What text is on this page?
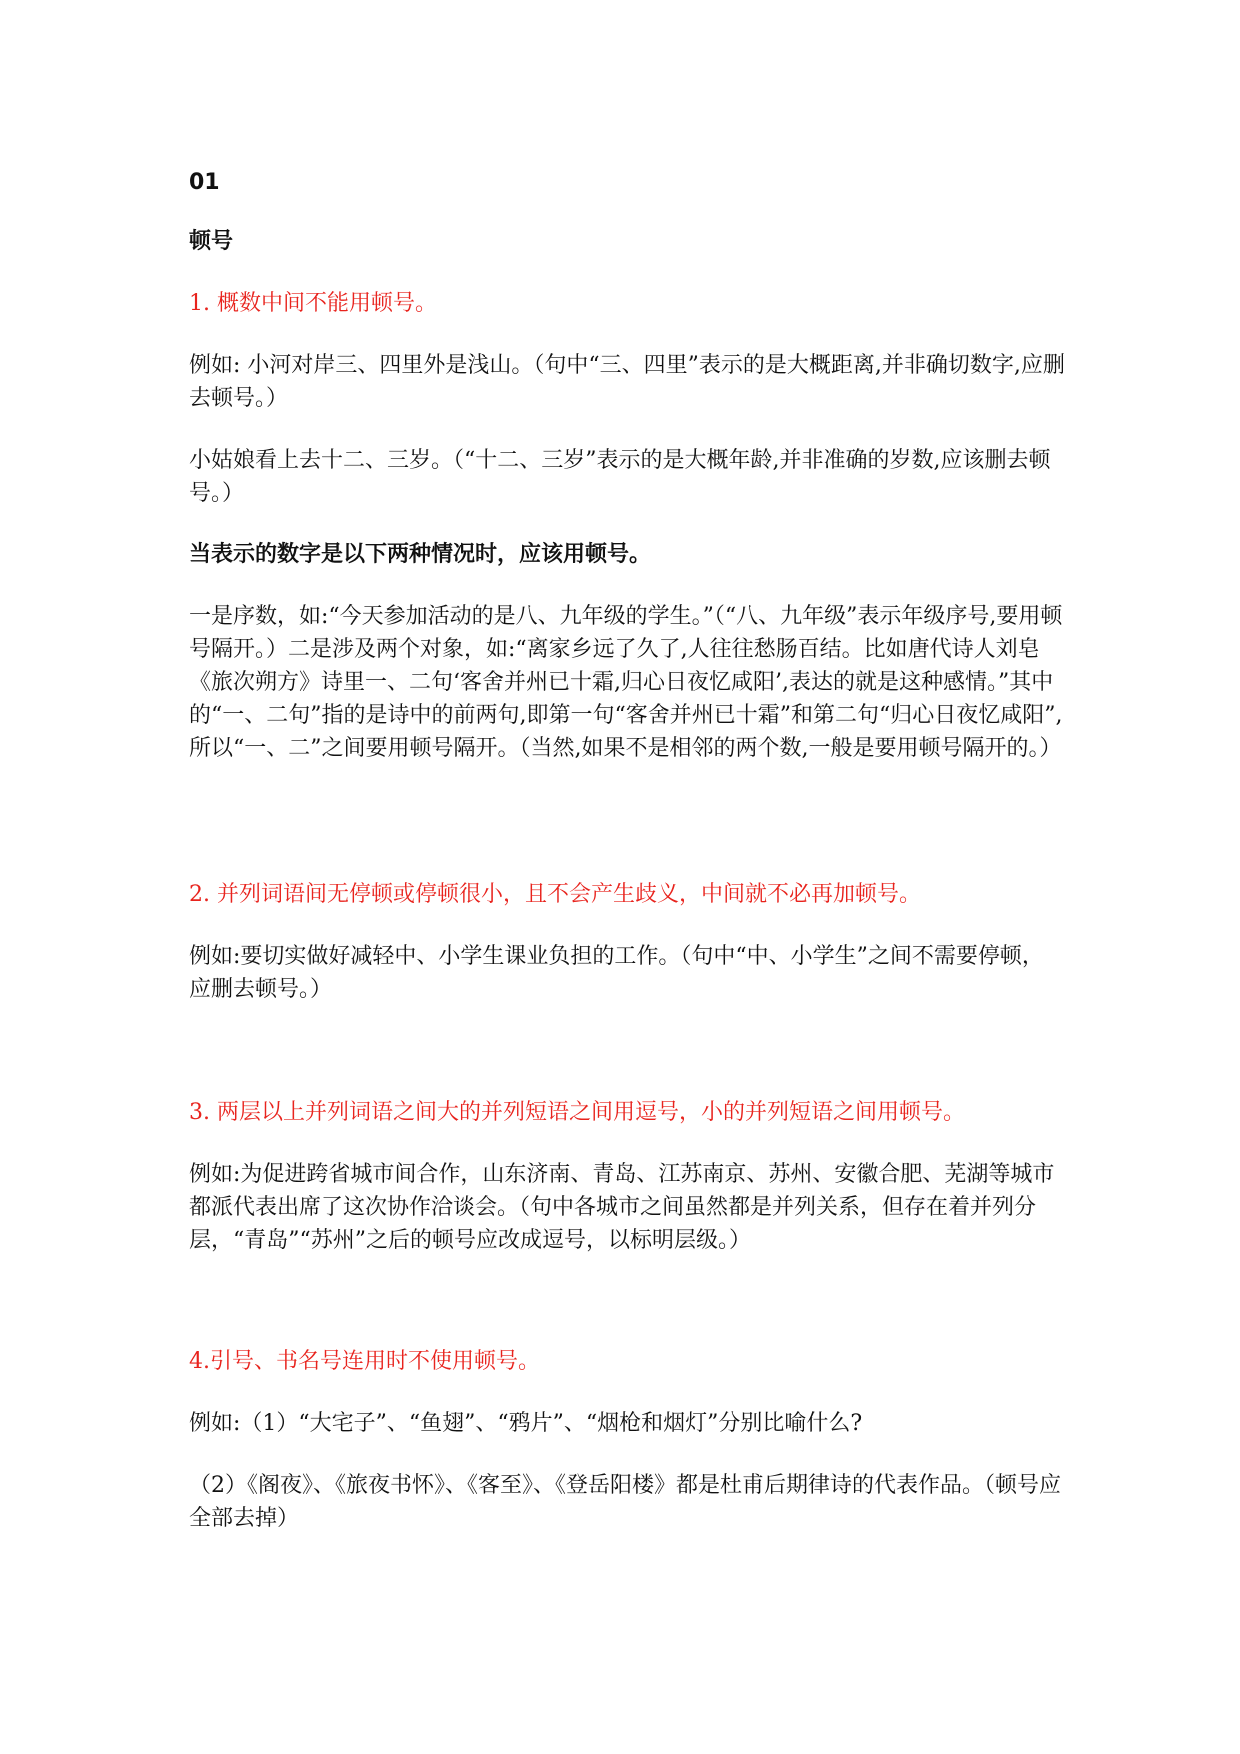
01

顿号

1. 概数中间不能用顿号。

例如: 小河对岸三、四里外是浅山。（句中“三、四里”表示的是大概距离,并非确切数字,应删去顿号。）

小姑娘看上去十二、三岁。（“十二、三岁”表示的是大概年龄,并非准确的岁数,应该删去顿号。）

当表示的数字是以下两种情况时，应该用顿号。

一是序数，如:“今天参加活动的是八、九年级的学生。”（“八、九年级”表示年级序号,要用顿号隔开。）二是涉及两个对象，如:“离家乡远了久了,人往往愁肠百结。比如唐代诗人刘皂《旅次朔方》诗里一、二句‘客舍并州已十霜,归心日夜忆咸阳’,表达的就是这种感情。”其中的“一、二句”指的是诗中的前两句,即第一句“客舍并州已十霜”和第二句“归心日夜忆咸阳”,所以“一、二”之间要用顿号隔开。（当然,如果不是相邻的两个数,一般是要用顿号隔开的。）

2. 并列词语间无停顿或停顿很小，且不会产生歧义，中间就不必再加顿号。

例如:要切实做好减轻中、小学生课业负担的工作。（句中“中、小学生”之间不需要停顿，应删去顿号。）

3. 两层以上并列词语之间大的并列短语之间用逗号，小的并列短语之间用顿号。

例如:为促进跨省城市间合作，山东济南、青岛、江苏南京、苏州、安徽合肥、芜湖等城市都派代表出席了这次协作洽谈会。（句中各城市之间虽然都是并列关系，但存在着并列分层，“青岛”“苏州”之后的顿号应改成逗号，以标明层级。）

4.引号、书名号连用时不使用顿号。

例如:（1）“大宅子”、“鱼翅”、“鸦片”、“烟枪和烟灯”分别比喻什么?

（2）《阁夜》、《旅夜书怀》、《客至》、《登岳阳楼》都是杜甫后期律诗的代表作品。（顿号应全部去掉）
